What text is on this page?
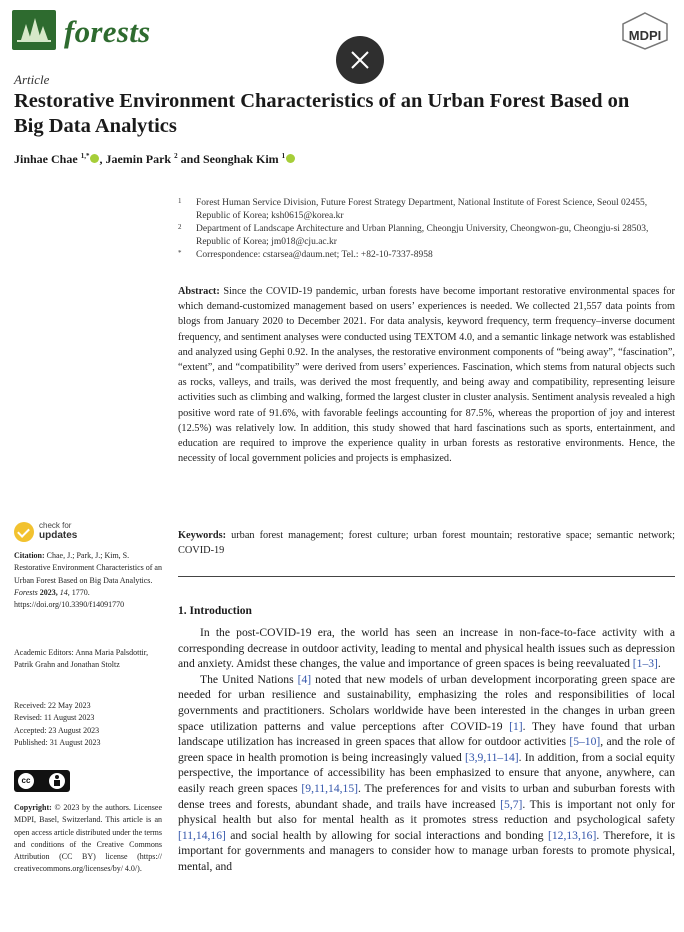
forests	MDPI
Article
Restorative Environment Characteristics of an Urban Forest Based on Big Data Analytics
Jinhae Chae $^{1,*}$ , Jaemin Park $^2$ and Seonghak Kim $^1$
1 Forest Human Service Division, Future Forest Strategy Department, National Institute of Forest Science, Seoul 02455, Republic of Korea; ksh0615@korea.kr
2 Department of Landscape Architecture and Urban Planning, Cheongju University, Cheongwon-gu, Cheongju-si 28503, Republic of Korea; jm018@cju.ac.kr
* Correspondence: cstarsea@daum.net; Tel.: +82-10-7337-8958
Abstract: Since the COVID-19 pandemic, urban forests have become important restorative environmental spaces for which demand-customized management based on users’ experiences is needed. We collected 21,557 data points from blogs from January 2020 to December 2021. For data analysis, keyword frequency, term frequency–inverse document frequency, and sentiment analyses were conducted using TEXTOM 4.0, and a semantic linkage network was established and analyzed using Gephi 0.92. In the analyses, the restorative environment components of “being away”, “fascination”, “extent”, and “compatibility” were derived from users’ experiences. Fascination, which stems from natural objects such as rocks, valleys, and trails, was derived the most frequently, and being away and compatibility, representing leisure activities such as climbing and walking, formed the largest cluster in cluster analysis. Sentiment analysis revealed a high positive word rate of 91.6%, with favorable feelings accounting for 87.5%, whereas the proportion of joy and interest (12.5%) was relatively low. In addition, this study showed that hard fascinations such as sports, entertainment, and education are required to improve the experience quality in urban forests as restorative environments. Hence, the necessity of local government policies and projects is emphasized.
Keywords: urban forest management; forest culture; urban forest mountain; restorative space; semantic network; COVID-19
1. Introduction

In the post-COVID-19 era, the world has seen an increase in non-face-to-face activity with a corresponding decrease in outdoor activity, leading to mental and physical health issues such as depression and anxiety. Amidst these changes, the value and importance of green spaces is being reevaluated [1–3].

The United Nations [4] noted that new models of urban development incorporating green space are needed for urban resilience and sustainability, emphasizing the roles and responsibilities of local governments and practitioners. Scholars worldwide have been interested in the changes in urban green space utilization patterns and value perceptions after COVID-19 [1]. They have found that urban landscape utilization has increased in green spaces that allow for outdoor activities [5–10], and the role of green space in health promotion is being increasingly valued [3,9,11–14]. In addition, from a social equity perspective, the importance of accessibility has been emphasized to ensure that anyone, anywhere, can easily reach green spaces [9,11,14,15]. The preferences for and visits to urban and suburban forests with dense trees and forests, abundant shade, and trails have increased [5,7]. This is important not only for physical health but also for mental health as it promotes stress reduction and psychological safety [11,14,16] and social health by allowing for social interactions and bonding [12,13,16]. Therefore, it is important for governments and managers to consider how to manage urban forests to promote physical, mental, and

check for
updates
Citation: Chae, J.; Park, J.; Kim, S. Restorative Environment Characteristics of an Urban Forest Based on Big Data Analytics. Forests 2023, 14, 1770. https://doi.org/10.3390/f14091770
Academic Editors: Anna Maria Palsdottir, Patrik Grahn and Jonathan Stoltz
Received: 22 May 2023
Revised: 11 August 2023
Accepted: 23 August 2023
Published: 31 August 2023
cc
Copyright: © 2023 by the authors. Licensee MDPI, Basel, Switzerland. This article is an open access article distributed under the terms and conditions of the Creative Commons Attribution (CC BY) license (https:// creativecommons.org/licenses/by/ 4.0/).
